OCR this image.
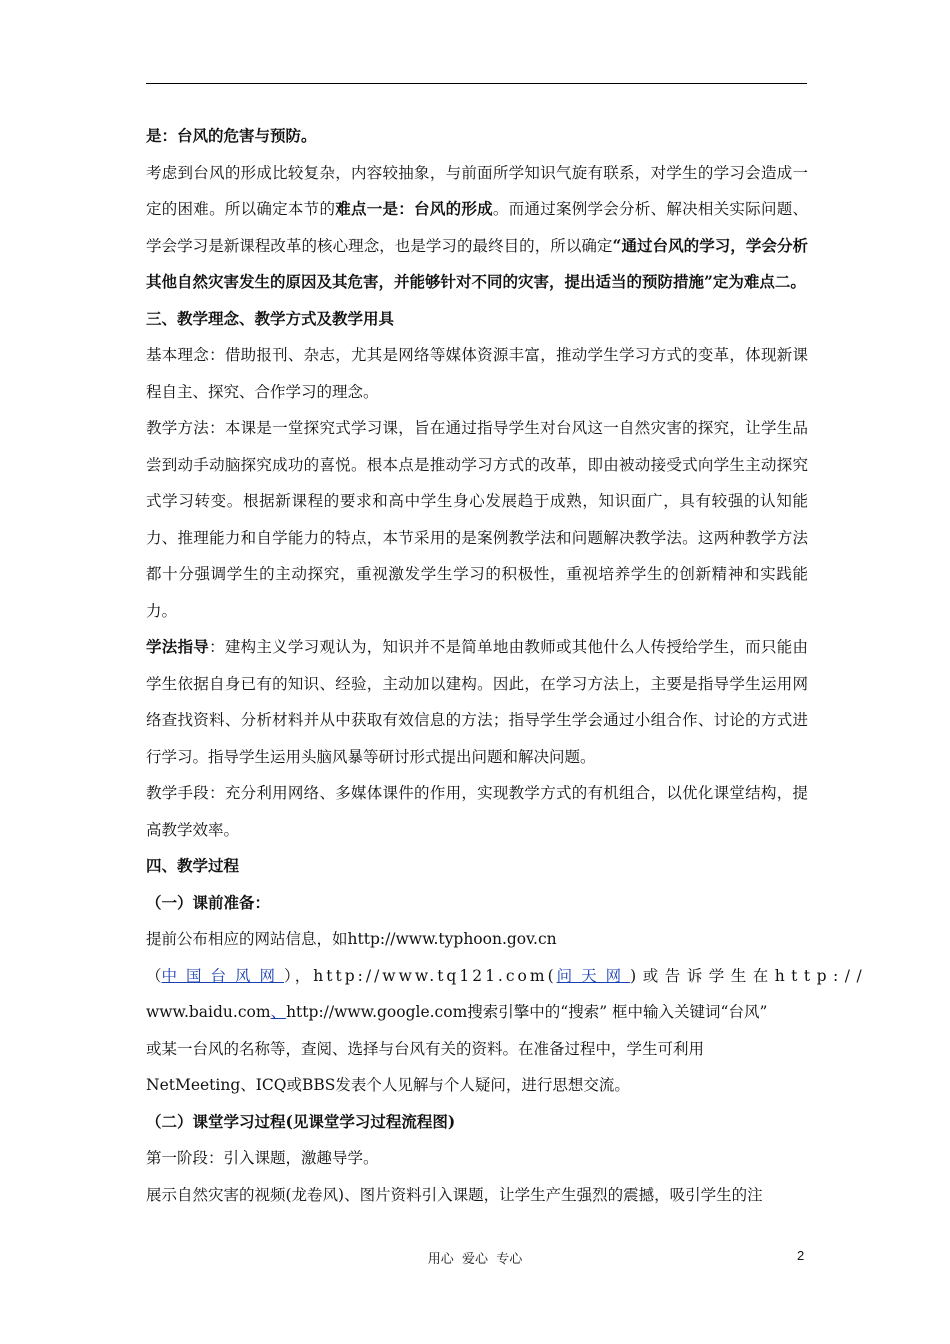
是：台风的危害与预防。

考虑到台风的形成比较复杂，内容较抽象，与前面所学知识气旋有联系，对学生的学习会造成一定的困难。所以确定本节的难点一是：台风的形成。而通过案例学会分析、解决相关实际问题、学会学习是新课程改革的核心理念，也是学习的最终目的，所以确定“通过台风的学习，学会分析其他自然灾害发生的原因及其危害，并能够针对不同的灾害，提出适当的预防措施”定为难点二。

三、教学理念、教学方式及教学用具

基本理念：借助报刊、杂志，尤其是网络等媒体资源丰富，推动学生学习方式的变革，体现新课程自主、探究、合作学习的理念。

教学方法：本课是一堂探究式学习课，旨在通过指导学生对台风这一自然灾害的探究，让学生品尝到动手动脑探究成功的喜悦。根本点是推动学习方式的改革，即由被动接受式向学生主动探究式学习转变。根据新课程的要求和高中学生身心发展趋于成熟，知识面广，具有较强的认知能力、推理能力和自学能力的特点，本节采用的是案例教学法和问题解决教学法。这两种教学方法都十分强调学生的主动探究，重视激发学生学习的积极性，重视培养学生的创新精神和实践能力。

学法指导：建构主义学习观认为，知识并不是简单地由教师或其他什么人传授给学生，而只能由学生依据自身已有的知识、经验，主动加以建构。因此，在学习方法上，主要是指导学生运用网络查找资料、分析材料并从中获取有效信息的方法；指导学生学会通过小组合作、讨论的方式进行学习。指导学生运用头脑风暴等研讨形式提出问题和解决问题。

教学手段：充分利用网络、多媒体课件的作用，实现教学方式的有机组合，以优化课堂结构，提高教学效率。

四、教学过程

（一）课前准备：

提前公布相应的网站信息，如http://www.typhoon.gov.cn

（中国台风网），http://www.tq121.com(问天网)或告诉学生在http://

www.baidu.com、http://www.google.com搜索引擎中的“搜索” 框中输入关键词“台风”

或某一台风的名称等，查阅、选择与台风有关的资料。在准备过程中，学生可利用

NetMeeting、ICQ或BBS发表个人见解与个人疑问，进行思想交流。

（二）课堂学习过程(见课堂学习过程流程图)

第一阶段：引入课题，激趣导学。

展示自然灾害的视频(龙卷风)、图片资料引入课题，让学生产生强烈的震撼，吸引学生的注

用心  爱心  专心	2
